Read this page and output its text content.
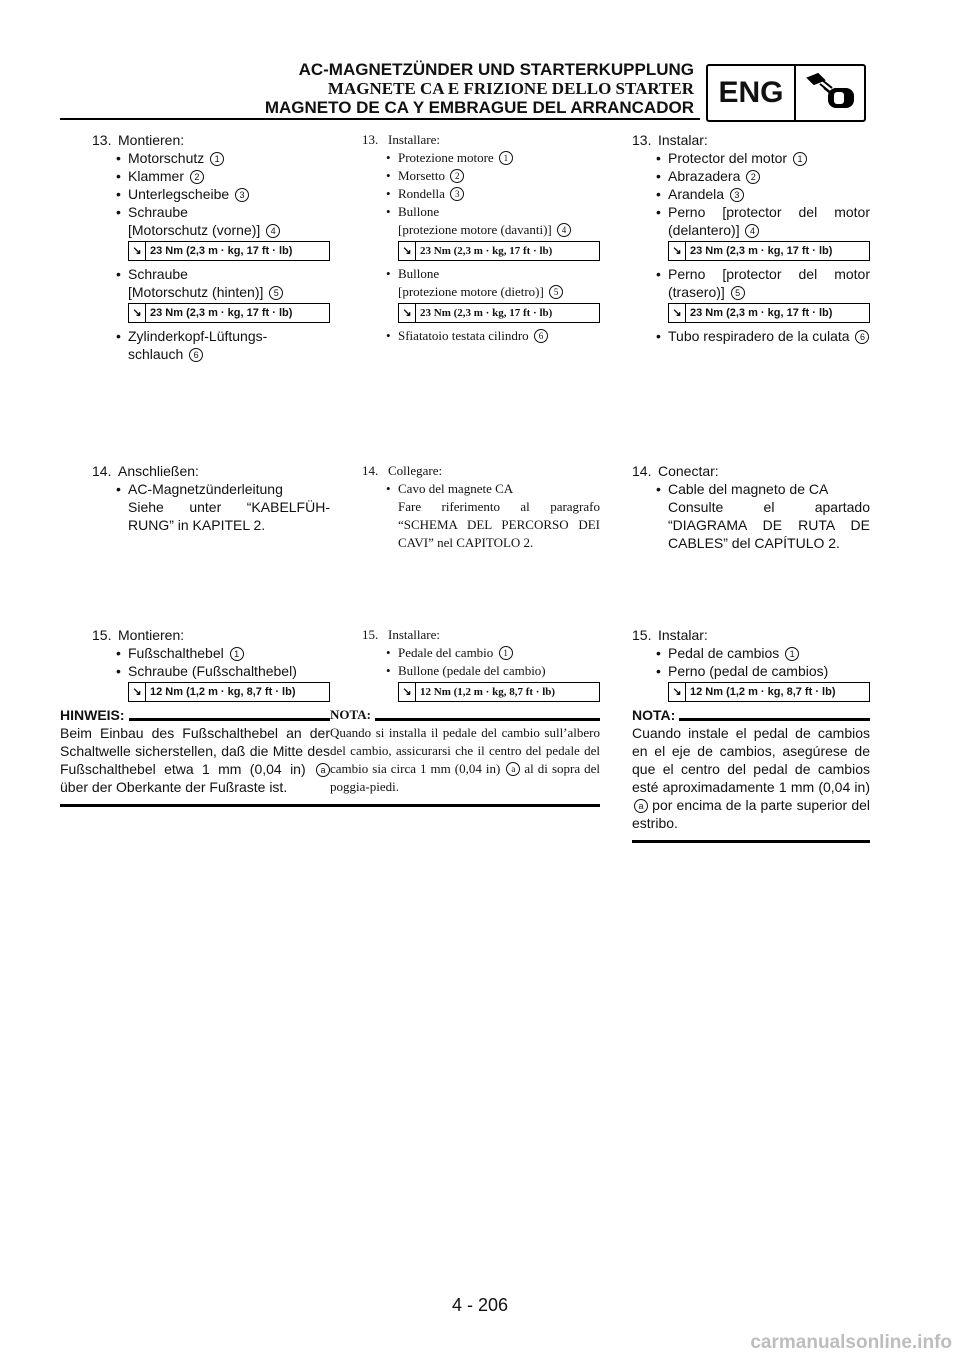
AC-MAGNETZÜNDER UND STARTERKUPPLUNG
MAGNETE CA E FRIZIONE DELLO STARTER
MAGNETO DE CA Y EMBRAGUE DEL ARRANCADOR ENG
13. Montieren:
• Motorschutz 1
• Klammer 2
• Unterlegscheibe 3
• Schraube
[Motorschutz (vorne)] 4
↘ 23 Nm (2,3 m · kg, 17 ft · lb)
• Schraube
[Motorschutz (hinten)] 5
↘ 23 Nm (2,3 m · kg, 17 ft · lb)
• Zylinderkopf-Lüftungs-
schlauch 6
14. Anschließen:
• AC-Magnetzünderleitung
Siehe unter “KABELFÜH-RUNG” in KAPITEL 2.
15. Montieren:
• Fußschalthebel 1
• Schraube (Fußschalthebel)
↘ 12 Nm (1,2 m · kg, 8,7 ft · lb)
HINWEIS:
Beim Einbau des Fußschalthebel an der Schaltwelle sicherstellen, daß die Mitte des Fußschalthebel etwa 1 mm (0,04 in) a über der Oberkante der Fußraste ist.
13. Installare:
• Protezione motore 1
• Morsetto 2
• Rondella 3
• Bullone
[protezione motore (davanti)] 4
↘ 23 Nm (2,3 m · kg, 17 ft · lb)
• Bullone
[protezione motore (dietro)] 5
↘ 23 Nm (2,3 m · kg, 17 ft · lb)
• Sfiatatoio testata cilindro 6
14. Collegare:
• Cavo del magnete CA
Fare riferimento al paragrafo “SCHEMA DEL PERCORSO DEI CAVI” nel CAPITOLO 2.
15. Installare:
• Pedale del cambio 1
• Bullone (pedale del cambio)
↘ 12 Nm (1,2 m · kg, 8,7 ft · lb)
NOTA:
Quando si installa il pedale del cambio sull’albero del cambio, assicurarsi che il centro del pedale del cambio sia circa 1 mm (0,04 in) a al di sopra del poggia-piedi.
13. Instalar:
• Protector del motor 1
• Abrazadera 2
• Arandela 3
• Perno [protector del motor (delantero)] 4
↘ 23 Nm (2,3 m · kg, 17 ft · lb)
• Perno [protector del motor (trasero)] 5
↘ 23 Nm (2,3 m · kg, 17 ft · lb)
• Tubo respiradero de la culata 6
14. Conectar:
• Cable del magneto de CA
Consulte el apartado “DIAGRAMA DE RUTA DE CABLES” del CAPÍTULO 2.
15. Instalar:
• Pedal de cambios 1
• Perno (pedal de cambios)
↘ 12 Nm (1,2 m · kg, 8,7 ft · lb)
NOTA:
Cuando instale el pedal de cambios en el eje de cambios, asegúrese de que el centro del pedal de cambios esté aproximadamente 1 mm (0,04 in) a por encima de la parte superior del estribo.
4 - 206
carmanualsonline.info
